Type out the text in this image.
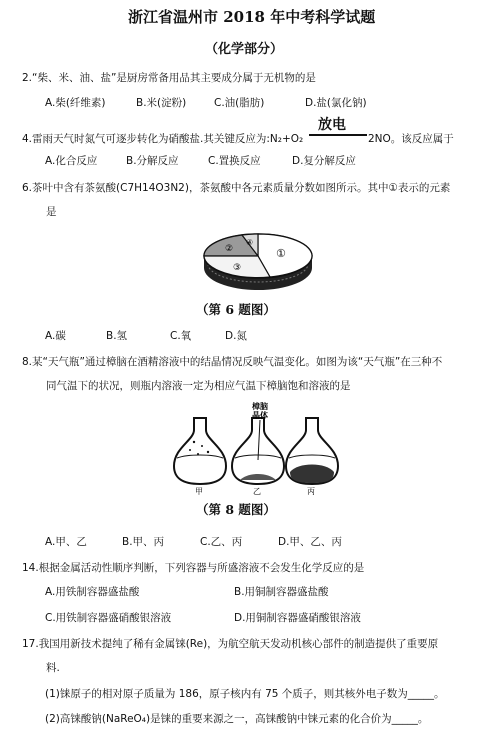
浙江省温州市 2018 年中考科学试题
（化学部分）
2.“柴、米、油、盐”是厨房常备用品其主要成分属于无机物的是
A.柴(纤维素)	B.米(淀粉)	C.油(脂肪)	D.盐(氯化钠)
4.雷雨天气时氮气可逐步转化为硝酸盐.其关键反应为:N₂+O₂
放电
2NO。该反应属于
A.化合反应	B.分解反应	C.置换反应	D.复分解反应
6.茶叶中含有茶氨酸(C7H14O3N2)，茶氨酸中各元素质量分数如图所示。其中①表示的元素
是
①
②
③
④
（第 6 题图）
A.碳	B.氢	C.氧	D.氮
8.某“天气瓶”通过樟脑在酒精溶液中的结晶情况反映气温变化。如图为该“天气瓶”在三种不
同气温下的状况，则瓶内溶液一定为相应气温下樟脑饱和溶液的是
樟脑
晶体
甲	乙	丙
（第 8 题图）
A.甲、乙	B.甲、丙	C.乙、丙	D.甲、乙、丙
14.根据金属活动性顺序判断，下列容器与所盛溶液不会发生化学反应的是
A.用铁制容器盛盐酸	B.用铜制容器盛盐酸
C.用铁制容器盛硝酸银溶液	D.用铜制容器盛硝酸银溶液
17.我国用新技术提纯了稀有金属铼(Re)，为航空航天发动机核心部件的制造提供了重要原
料.
(1)铼原子的相对原子质量为 186，原子核内有 75 个质子，则其核外电子数为_____。
(2)高铼酸钠(NaReO₄)是铼的重要来源之一，高铼酸钠中铼元素的化合价为_____。
